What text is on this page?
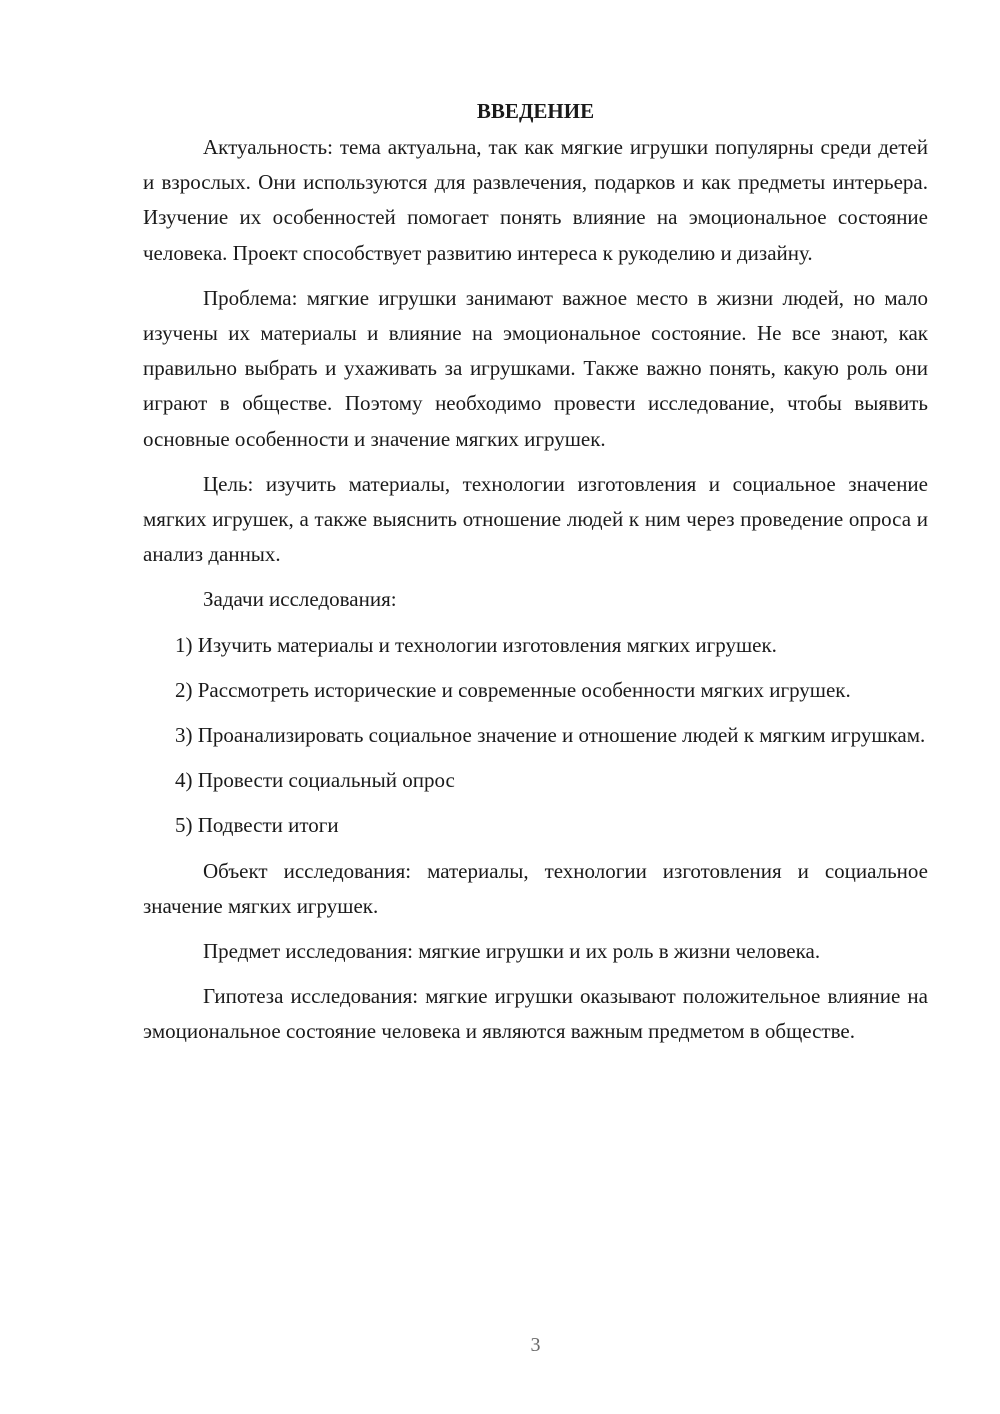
ВВЕДЕНИЕ

Актуальность: тема актуальна, так как мягкие игрушки популярны среди детей и взрослых. Они используются для развлечения, подарков и как предметы интерьера. Изучение их особенностей помогает понять влияние на эмоциональное состояние человека. Проект способствует развитию интереса к рукоделию и дизайну.

Проблема: мягкие игрушки занимают важное место в жизни людей, но мало изучены их материалы и влияние на эмоциональное состояние. Не все знают, как правильно выбрать и ухаживать за игрушками. Также важно понять, какую роль они играют в обществе. Поэтому необходимо провести исследование, чтобы выявить основные особенности и значение мягких игрушек.

Цель: изучить материалы, технологии изготовления и социальное значение мягких игрушек, а также выяснить отношение людей к ним через проведение опроса и анализ данных.

Задачи исследования:

1) Изучить материалы и технологии изготовления мягких игрушек.

2) Рассмотреть исторические и современные особенности мягких игрушек.

3) Проанализировать социальное значение и отношение людей к мягким игрушкам.

4) Провести социальный опрос

5) Подвести итоги

Объект исследования: материалы, технологии изготовления и социальное значение мягких игрушек.

Предмет исследования: мягкие игрушки и их роль в жизни человека.

Гипотеза исследования: мягкие игрушки оказывают положительное влияние на эмоциональное состояние человека и являются важным предметом в обществе.

3
